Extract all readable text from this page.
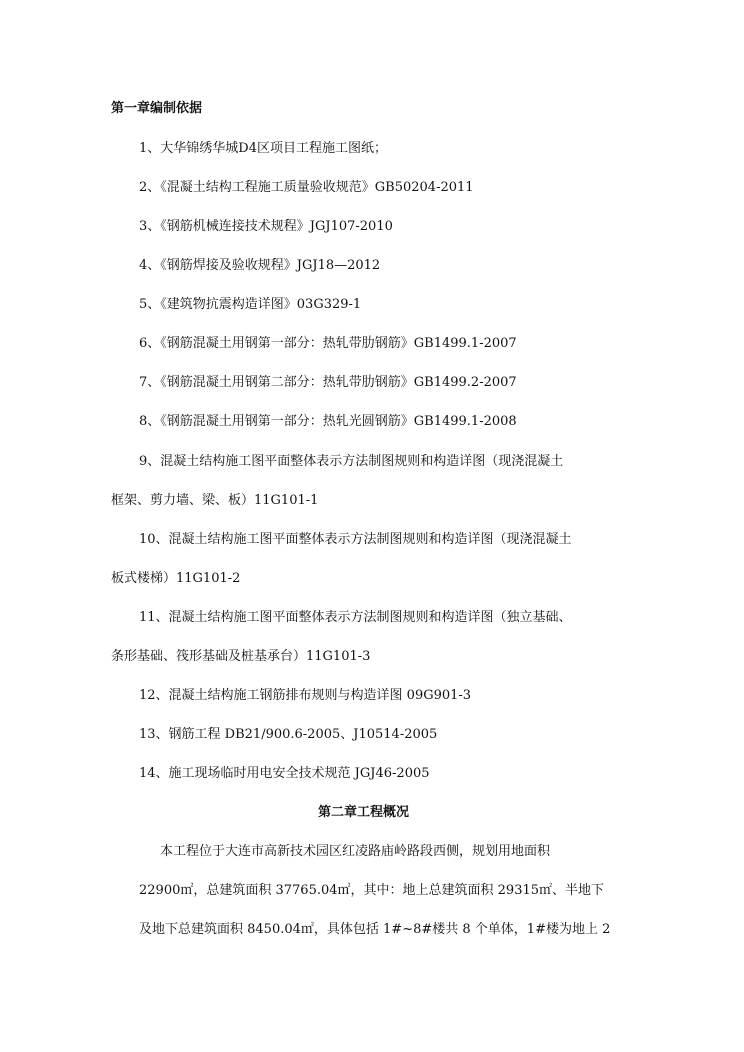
第一章编制依据
1、大华锦绣华城D4区项目工程施工图纸；
2、《混凝土结构工程施工质量验收规范》GB50204-2011
3、《钢筋机械连接技术规程》JGJ107-2010
4、《钢筋焊接及验收规程》JGJ18—2012
5、《建筑物抗震构造详图》03G329-1
6、《钢筋混凝土用钢第一部分：热轧带肋钢筋》GB1499.1-2007
7、《钢筋混凝土用钢第二部分：热轧带肋钢筋》GB1499.2-2007
8、《钢筋混凝土用钢第一部分：热轧光圆钢筋》GB1499.1-2008
9、混凝土结构施工图平面整体表示方法制图规则和构造详图（现浇混凝土
框架、剪力墙、梁、板）11G101-1
10、混凝土结构施工图平面整体表示方法制图规则和构造详图（现浇混凝土
板式楼梯）11G101-2
11、混凝土结构施工图平面整体表示方法制图规则和构造详图（独立基础、
条形基础、筏形基础及桩基承台）11G101-3
12、混凝土结构施工钢筋排布规则与构造详图 09G901-3
13、钢筋工程 DB21/900.6-2005、J10514-2005
14、施工现场临时用电安全技术规范 JGJ46-2005
第二章工程概况
本工程位于大连市高新技术园区红凌路庙岭路段西侧，规划用地面积
22900㎡，总建筑面积 37765.04㎡，其中：地上总建筑面积 29315㎡、半地下
及地下总建筑面积 8450.04㎡，具体包括 1#~8#楼共 8 个单体，1#楼为地上 2
